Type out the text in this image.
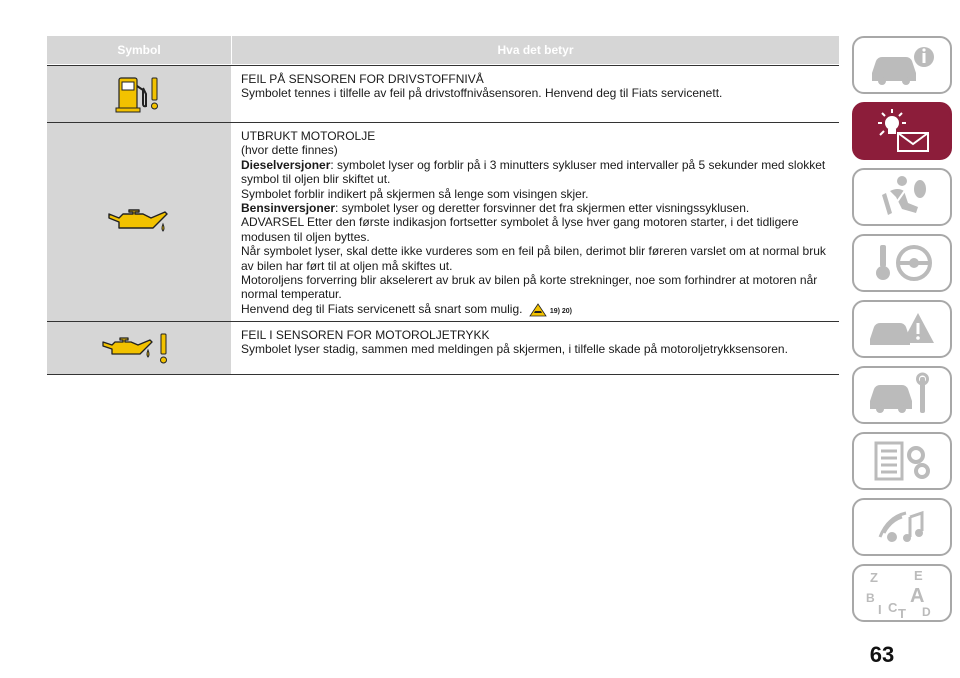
Symbol	Hva det betyr

FEIL PÅ SENSOREN FOR DRIVSTOFFNIVÅ

Symbolet tennes i tilfelle av feil på drivstoffnivåsensoren. Henvend deg til Fiats servicenett.

UTBRUKT MOTOROLJE

(hvor dette finnes)

Dieselversjoner: symbolet lyser og forblir på i 3 minutters sykluser med intervaller på 5 sekunder med slokket symbol til oljen blir skiftet ut.

Symbolet forblir indikert på skjermen så lenge som visingen skjer.

Bensinversjoner: symbolet lyser og deretter forsvinner det fra skjermen etter visningssyklusen.

ADVARSEL Etter den første indikasjon fortsetter symbolet å lyse hver gang motoren starter, i det tidligere modusen til oljen byttes.

Når symbolet lyser, skal dette ikke vurderes som en feil på bilen, derimot blir føreren varslet om at normal bruk av bilen har ført til at oljen må skiftes ut.

Motoroljens forverring blir akselerert av bruk av bilen på korte strekninger, noe som forhindrer at motoren når normal temperatur.

Henvend deg til Fiats servicenett så snart som mulig.	19) 20)

FEIL I SENSOREN FOR MOTOROLJETRYKK

Symbolet lyser stadig, sammen med meldingen på skjermen, i tilfelle skade på motoroljetrykksensoren.

Z	E
B A
C
I T D
63
